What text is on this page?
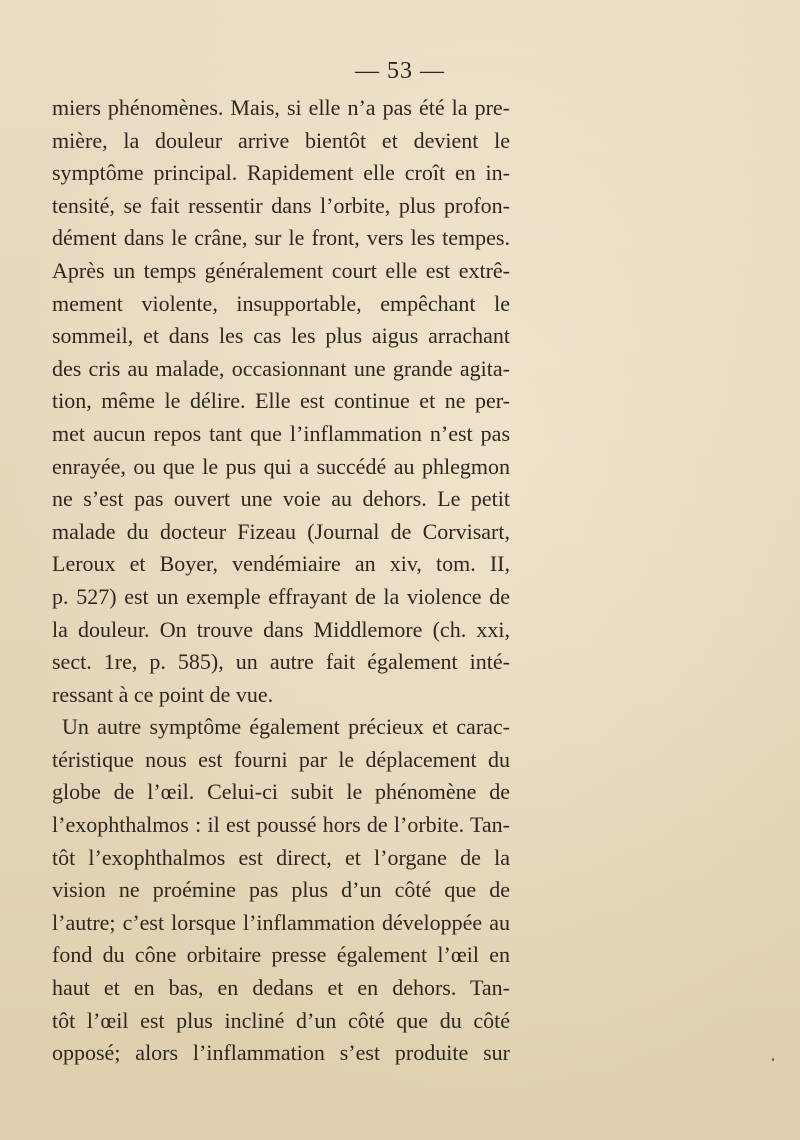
— 53 —
miers phénomènes. Mais, si elle n’a pas été la pre-
mière, la douleur arrive bientôt et devient le
symptôme principal. Rapidement elle croît en in-
tensité, se fait ressentir dans l’orbite, plus profon-
dément dans le crâne, sur le front, vers les tempes.
Après un temps généralement court elle est extrê-
mement violente, insupportable, empêchant le
sommeil, et dans les cas les plus aigus arrachant
des cris au malade, occasionnant une grande agita-
tion, même le délire. Elle est continue et ne per-
met aucun repos tant que l’inflammation n’est pas
enrayée, ou que le pus qui a succédé au phlegmon
ne s’est pas ouvert une voie au dehors. Le petit
malade du docteur Fizeau (Journal de Corvisart,
Leroux et Boyer, vendémiaire an xiv, tom. II,
p. 527) est un exemple effrayant de la violence de
la douleur. On trouve dans Middlemore (ch. xxi,
sect. 1re, p. 585), un autre fait également inté-
ressant à ce point de vue.
Un autre symptôme également précieux et carac-
téristique nous est fourni par le déplacement du
globe de l’œil. Celui-ci subit le phénomène de
l’exophthalmos : il est poussé hors de l’orbite. Tan-
tôt l’exophthalmos est direct, et l’organe de la
vision ne proémine pas plus d’un côté que de
l’autre; c’est lorsque l’inflammation développée au
fond du cône orbitaire presse également l’œil en
haut et en bas, en dedans et en dehors. Tan-
tôt l’œil est plus incliné d’un côté que du côté
opposé; alors l’inflammation s’est produite sur
